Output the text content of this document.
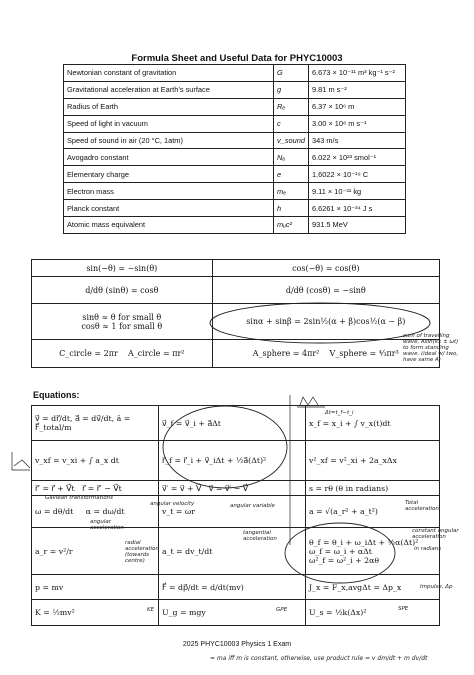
Formula Sheet and Useful Data for PHYC10003
Newtonian constant of gravitation	G	6.673 × 10⁻¹¹ m³ kg⁻¹ s⁻²
Gravitational acceleration at Earth’s surface	g	9.81 m s⁻²
Radius of Earth	Rₑ	6.37 × 10⁶ m
Speed of light in vacuum	c	3.00 × 10⁸ m s⁻¹
Speed of sound in air (20 °C, 1atm)	v_sound	343 m/s
Avogadro constant	Nₐ	6.022 × 10²³ smol⁻¹
Elementary charge	e	1.6022 × 10⁻¹⁹ C
Electron mass	mₑ	9.11 × 10⁻³¹ kg
Planck constant	h	6.6261 × 10⁻³⁴ J s
Atomic mass equivalent	mᵤc²	931.5 MeV
sin(−θ) = −sin(θ)	cos(−θ) = cos(θ)
d/dθ (sinθ) = cosθ	d/dθ (cosθ) = −sinθ

sinθ ≈ θ for small θ
cosθ ≈ 1 for small θ	sinα + sinβ = 2sin½(α + β)cos½(α − β)
C_circle = 2πr A_circle = πr²	A_sphere = 4πr² V_sphere = ⁴⁄₃πr³
Equations:
v⃗ = dr⃗/dt, a⃗ = dv⃗/dt, â = F⃗_total/m	v⃗_f = v⃗_i + a⃗Δt	x_f = x_i + ∫ v_x(t)dt
v_xf = v_xi + ∫ a_x dt	r⃗_f = r⃗_i + v⃗_iΔt + ½a⃗(Δt)²	v²_xf = v²_xi + 2a_xΔx
r⃗′ = r⃗ + V⃗t r⃗ = r⃗′ − V⃗t	v⃗′ = v⃗ + V⃗ v⃗ = v⃗′ − V⃗	s = rθ (θ in radians)
ω = dθ/dt α = dω/dt	v_t = ωr	a = √(a_r² + a_t²)
a_r = v²/r	a_t = dv_t/dt	θ_f = θ_i + ω_iΔt + ½α(Δt)²
ω_f = ω_i + αΔt
ω²_f = ω²_i + 2αθ

p = mv	F⃗ = dp⃗/dt = d/dt(mv)	J_x = F_x,avgΔt = Δp_x
K = ½mv²	U_g = mgy	U_s = ½k(Δx)²
Δt=t_f−t_i
Galilean transformations
angular velocity
angular acceleration
angular variable
radial acceleration (towards centre)
tangential acceleration
Total acceleration
constant angular acceleration
in radians
Impulse, Δp
KE	GPE	SPE
sum of travelling wave, Asin(kx ± ωt) to form standing wave. (ideal w/ two, have same A)
= ma iff m is constant, otherwise, use product rule = v dm/dt + m dv/dt
2025 PHYC10003 Physics 1 Exam
